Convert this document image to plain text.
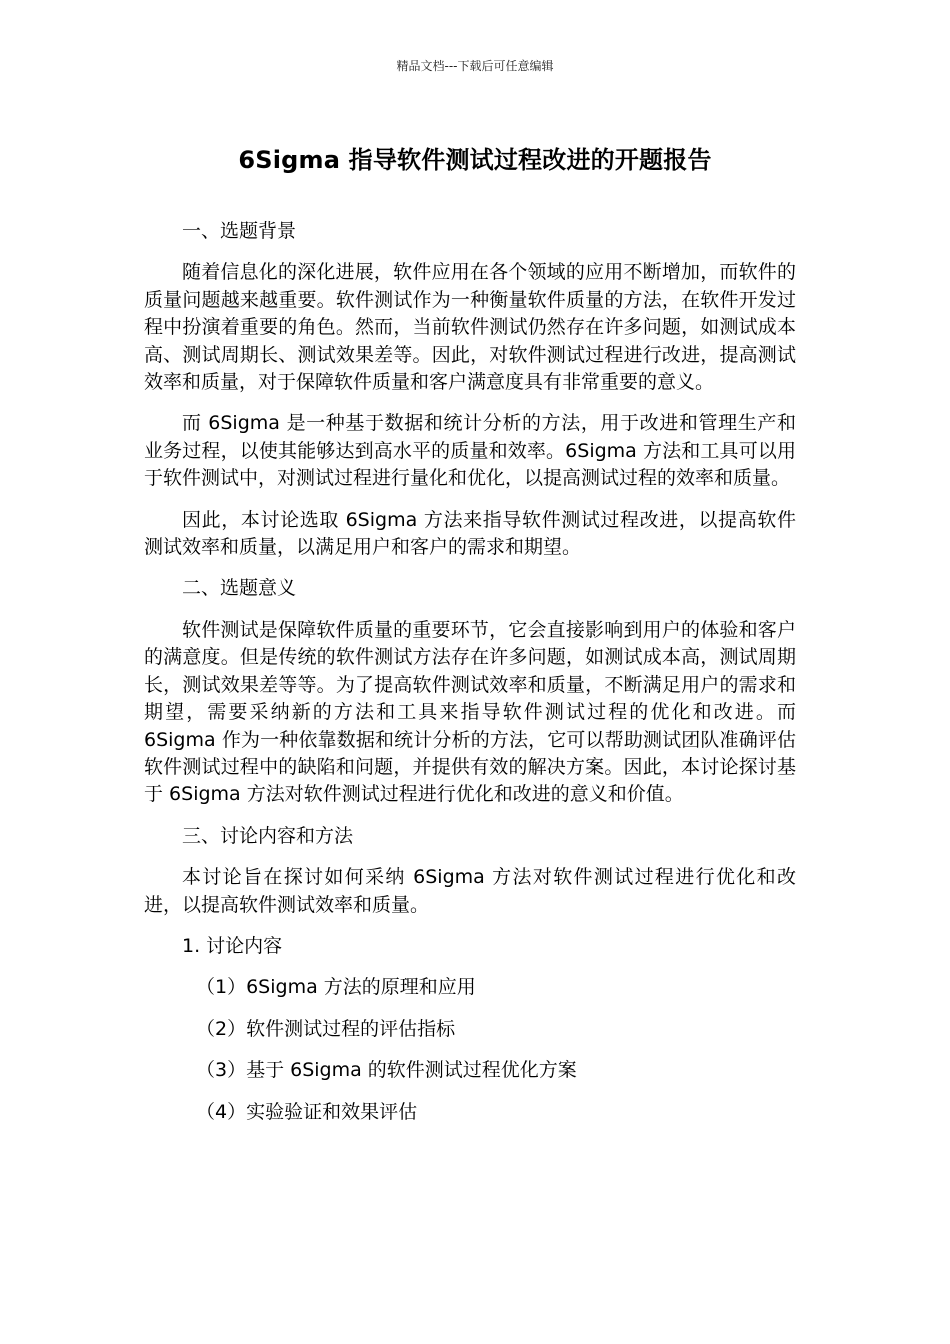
精品文档---下载后可任意编辑
6Sigma 指导软件测试过程改进的开题报告
一、选题背景
随着信息化的深化进展，软件应用在各个领域的应用不断增加，而软件的质量问题越来越重要。软件测试作为一种衡量软件质量的方法，在软件开发过程中扮演着重要的角色。然而，当前软件测试仍然存在许多问题，如测试成本高、测试周期长、测试效果差等。因此，对软件测试过程进行改进，提高测试效率和质量，对于保障软件质量和客户满意度具有非常重要的意义。
而 6Sigma 是一种基于数据和统计分析的方法，用于改进和管理生产和业务过程，以使其能够达到高水平的质量和效率。6Sigma 方法和工具可以用于软件测试中，对测试过程进行量化和优化，以提高测试过程的效率和质量。
因此，本讨论选取 6Sigma 方法来指导软件测试过程改进，以提高软件测试效率和质量，以满足用户和客户的需求和期望。
二、选题意义
软件测试是保障软件质量的重要环节，它会直接影响到用户的体验和客户的满意度。但是传统的软件测试方法存在许多问题，如测试成本高，测试周期长，测试效果差等等。为了提高软件测试效率和质量，不断满足用户的需求和期望，需要采纳新的方法和工具来指导软件测试过程的优化和改进。而 6Sigma 作为一种依靠数据和统计分析的方法，它可以帮助测试团队准确评估软件测试过程中的缺陷和问题，并提供有效的解决方案。因此，本讨论探讨基于 6Sigma 方法对软件测试过程进行优化和改进的意义和价值。
三、讨论内容和方法
本讨论旨在探讨如何采纳 6Sigma 方法对软件测试过程进行优化和改进，以提高软件测试效率和质量。
1. 讨论内容
（1）6Sigma 方法的原理和应用
（2）软件测试过程的评估指标
（3）基于 6Sigma 的软件测试过程优化方案
（4）实验验证和效果评估
